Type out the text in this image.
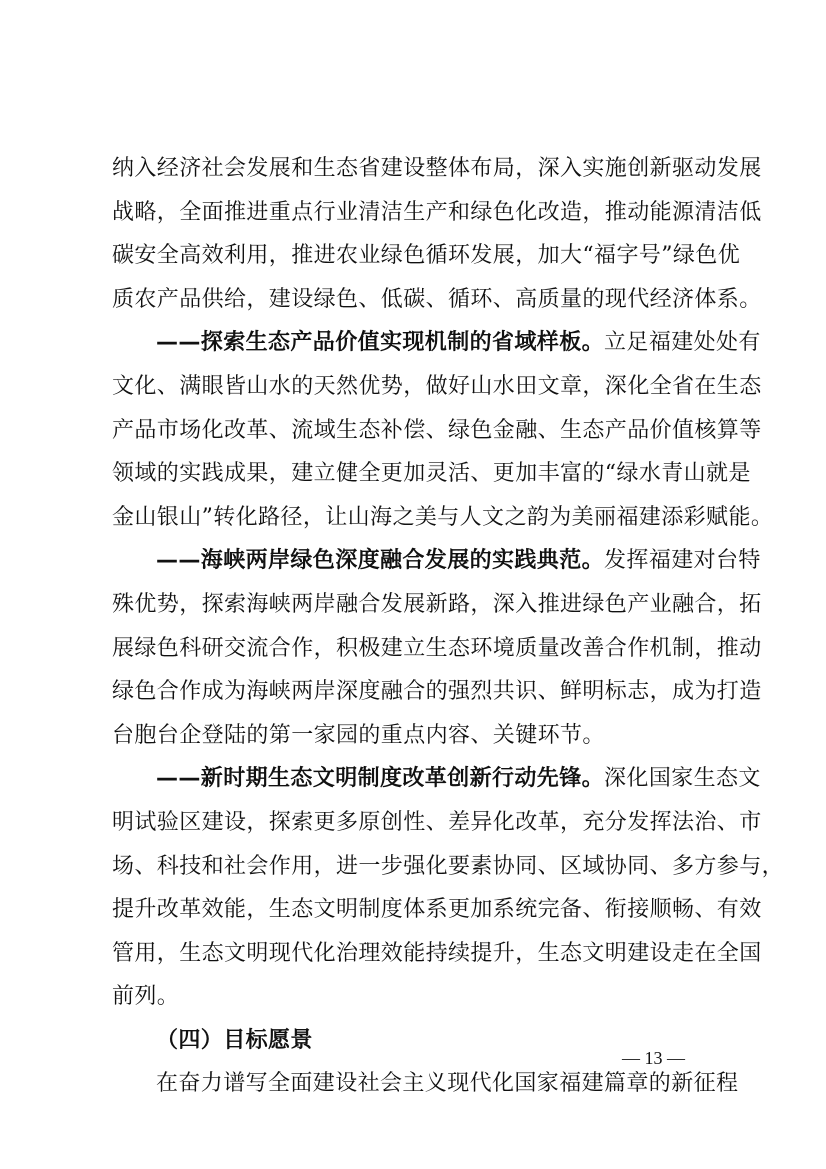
纳入经济社会发展和生态省建设整体布局，深入实施创新驱动发展
战略，全面推进重点行业清洁生产和绿色化改造，推动能源清洁低
碳安全高效利用，推进农业绿色循环发展，加大“福字号”绿色优
质农产品供给，建设绿色、低碳、循环、高质量的现代经济体系。
——探索生态产品价值实现机制的省域样板。立足福建处处有
文化、满眼皆山水的天然优势，做好山水田文章，深化全省在生态
产品市场化改革、流域生态补偿、绿色金融、生态产品价值核算等
领域的实践成果，建立健全更加灵活、更加丰富的“绿水青山就是
金山银山”转化路径，让山海之美与人文之韵为美丽福建添彩赋能。
——海峡两岸绿色深度融合发展的实践典范。发挥福建对台特
殊优势，探索海峡两岸融合发展新路，深入推进绿色产业融合，拓
展绿色科研交流合作，积极建立生态环境质量改善合作机制，推动
绿色合作成为海峡两岸深度融合的强烈共识、鲜明标志，成为打造
台胞台企登陆的第一家园的重点内容、关键环节。
——新时期生态文明制度改革创新行动先锋。深化国家生态文
明试验区建设，探索更多原创性、差异化改革，充分发挥法治、市
场、科技和社会作用，进一步强化要素协同、区域协同、多方参与，
提升改革效能，生态文明制度体系更加系统完备、衔接顺畅、有效
管用，生态文明现代化治理效能持续提升，生态文明建设走在全国
前列。
（四）目标愿景
在奋力谱写全面建设社会主义现代化国家福建篇章的新征程
— 13 —
